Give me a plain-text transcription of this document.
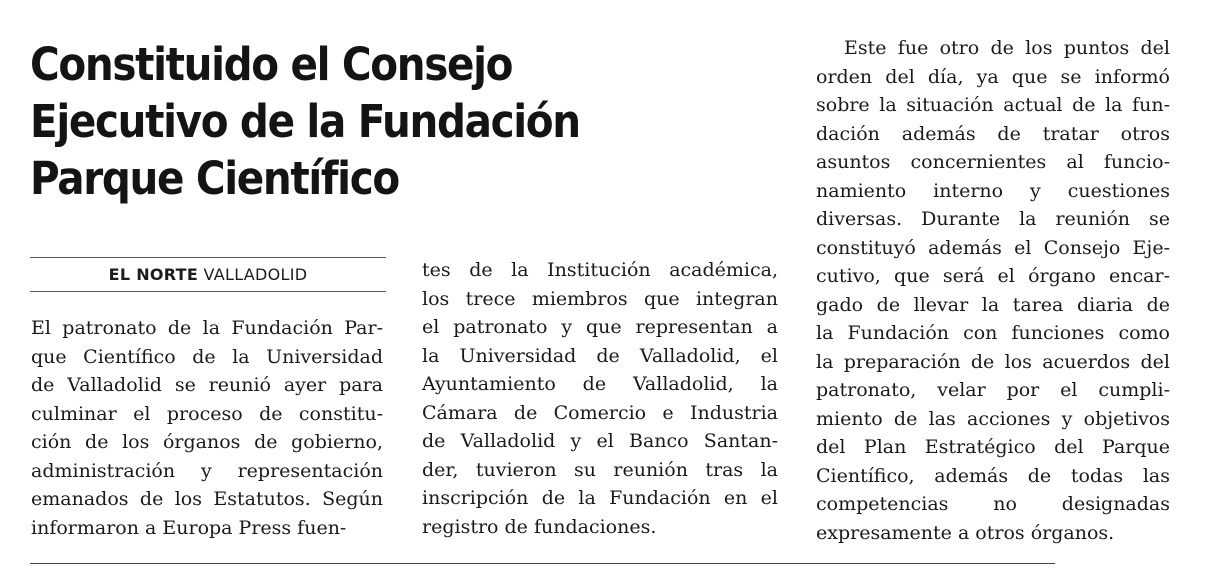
Constituido el Consejo
Ejecutivo de la Fundación
Parque Científico
EL NORTE VALLADOLID
El patronato de la Fundación Par-
que Científico de la Universidad
de Valladolid se reunió ayer para
culminar el proceso de constitu-
ción de los órganos de gobierno,
administración y representación
emanados de los Estatutos. Según
informaron a Europa Press fuen-
tes de la Institución académica,
los trece miembros que integran
el patronato y que representan a
la Universidad de Valladolid, el
Ayuntamiento de Valladolid, la
Cámara de Comercio e Industria
de Valladolid y el Banco Santan-
der, tuvieron su reunión tras la
inscripción de la Fundación en el
registro de fundaciones.
Este fue otro de los puntos del
orden del día, ya que se informó
sobre la situación actual de la fun-
dación además de tratar otros
asuntos concernientes al funcio-
namiento interno y cuestiones
diversas. Durante la reunión se
constituyó además el Consejo Eje-
cutivo, que será el órgano encar-
gado de llevar la tarea diaria de
la Fundación con funciones como
la preparación de los acuerdos del
patronato, velar por el cumpli-
miento de las acciones y objetivos
del Plan Estratégico del Parque
Científico, además de todas las
competencias no designadas
expresamente a otros órganos.
